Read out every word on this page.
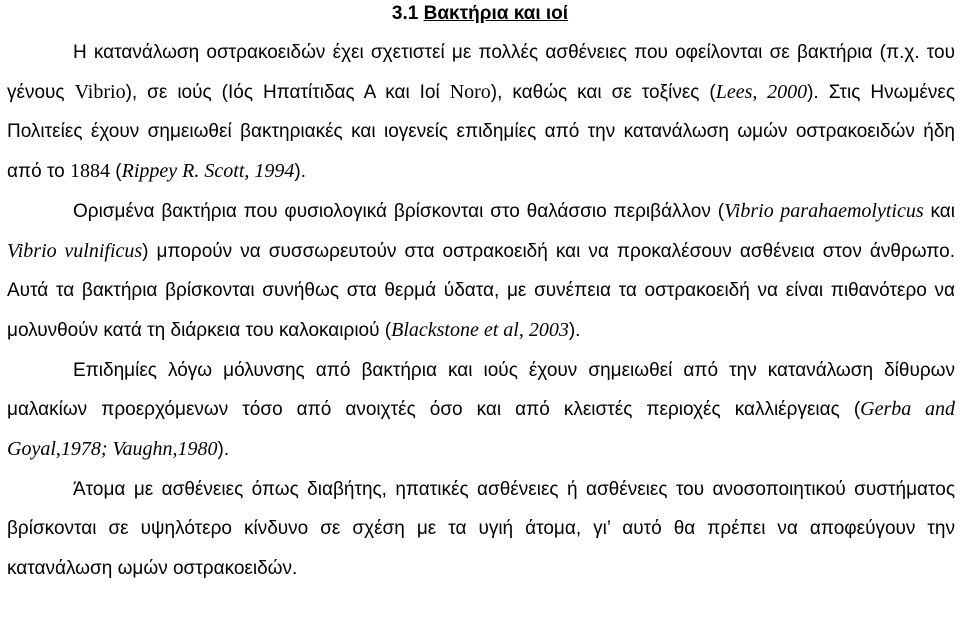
3.1 Βακτήρια και ιοί

Η κατανάλωση οστρακοειδών έχει σχετιστεί με πολλές ασθένειες που οφείλονται σε βακτήρια (π.χ. του γένους Vibrio), σε ιούς (Ιός Ηπατίτιδας Α και Ιοί Noro), καθώς και σε τοξίνες (Lees, 2000). Στις Ηνωμένες Πολιτείες έχουν σημειωθεί βακτηριακές και ιογενείς επιδημίες από την κατανάλωση ωμών οστρακοειδών ήδη από το 1884 (Rippey R. Scott, 1994).

Ορισμένα βακτήρια που φυσιολογικά βρίσκονται στο θαλάσσιο περιβάλλον (Vibrio parahaemolyticus και Vibrio vulnificus) μπορούν να συσσωρευτούν στα οστρακοειδή και να προκαλέσουν ασθένεια στον άνθρωπο. Αυτά τα βακτήρια βρίσκονται συνήθως στα θερμά ύδατα, με συνέπεια τα οστρακοειδή να είναι πιθανότερο να μολυνθούν κατά τη διάρκεια του καλοκαιριού (Blackstone et al, 2003).

Επιδημίες λόγω μόλυνσης από βακτήρια και ιούς έχουν σημειωθεί από την κατανάλωση δίθυρων μαλακίων προερχόμενων τόσο από ανοιχτές όσο και από κλειστές περιοχές καλλιέργειας (Gerba and Goyal,1978; Vaughn,1980).

Άτομα με ασθένειες όπως διαβήτης, ηπατικές ασθένειες ή ασθένειες του ανοσοποιητικού συστήματος βρίσκονται σε υψηλότερο κίνδυνο σε σχέση με τα υγιή άτομα, γι’ αυτό θα πρέπει να αποφεύγουν την κατανάλωση ωμών οστρακοειδών.
